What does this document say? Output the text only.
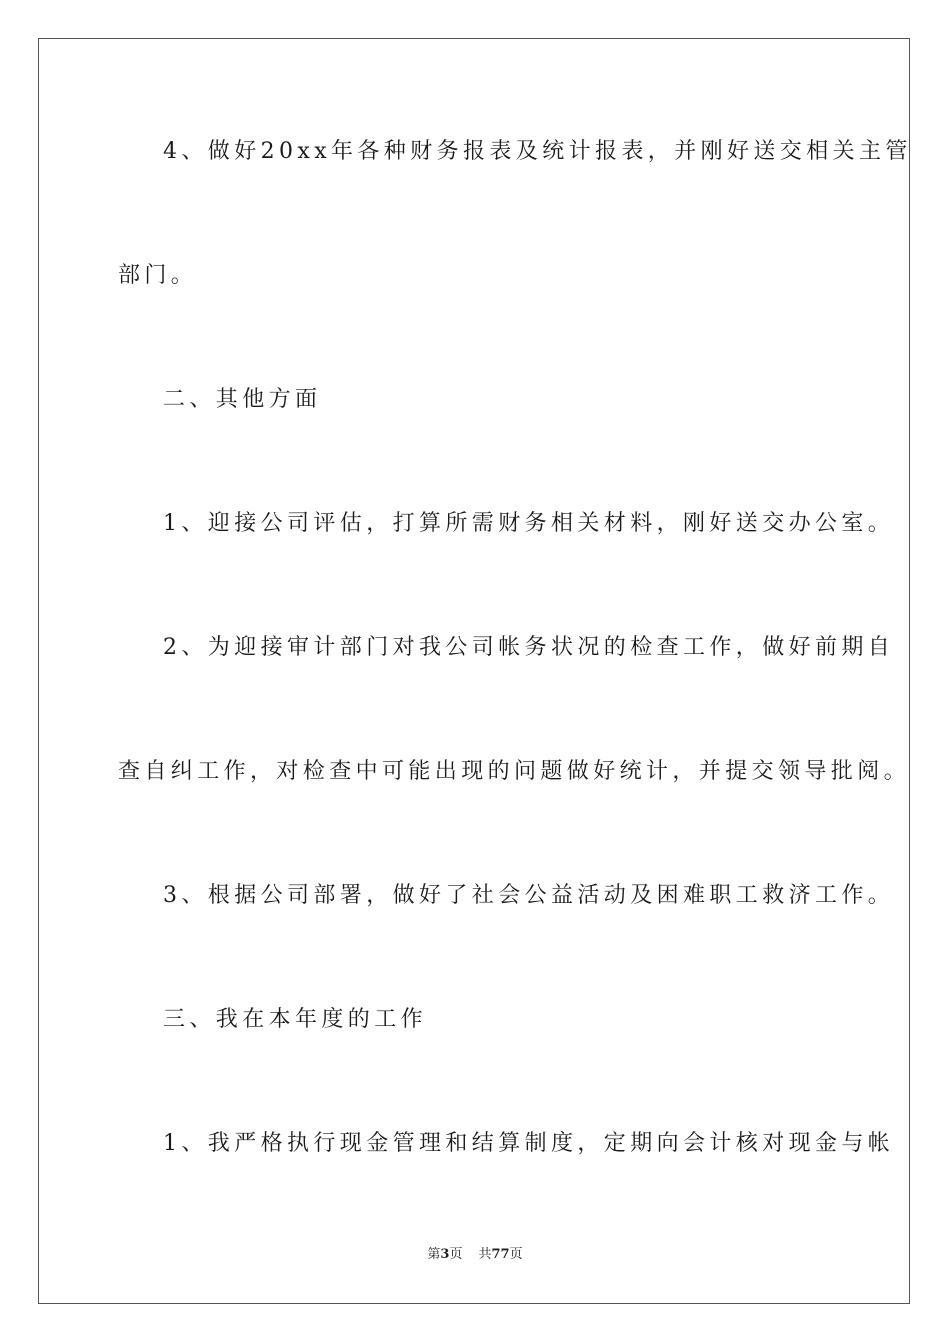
4、做好20xx年各种财务报表及统计报表，并刚好送交相关主管
部门。
二、其他方面
1、迎接公司评估，打算所需财务相关材料，刚好送交办公室。
2、为迎接审计部门对我公司帐务状况的检查工作，做好前期自
查自纠工作，对检查中可能出现的问题做好统计，并提交领导批阅。
3、根据公司部署，做好了社会公益活动及困难职工救济工作。
三、我在本年度的工作
1、我严格执行现金管理和结算制度，定期向会计核对现金与帐
第3页 共77页
